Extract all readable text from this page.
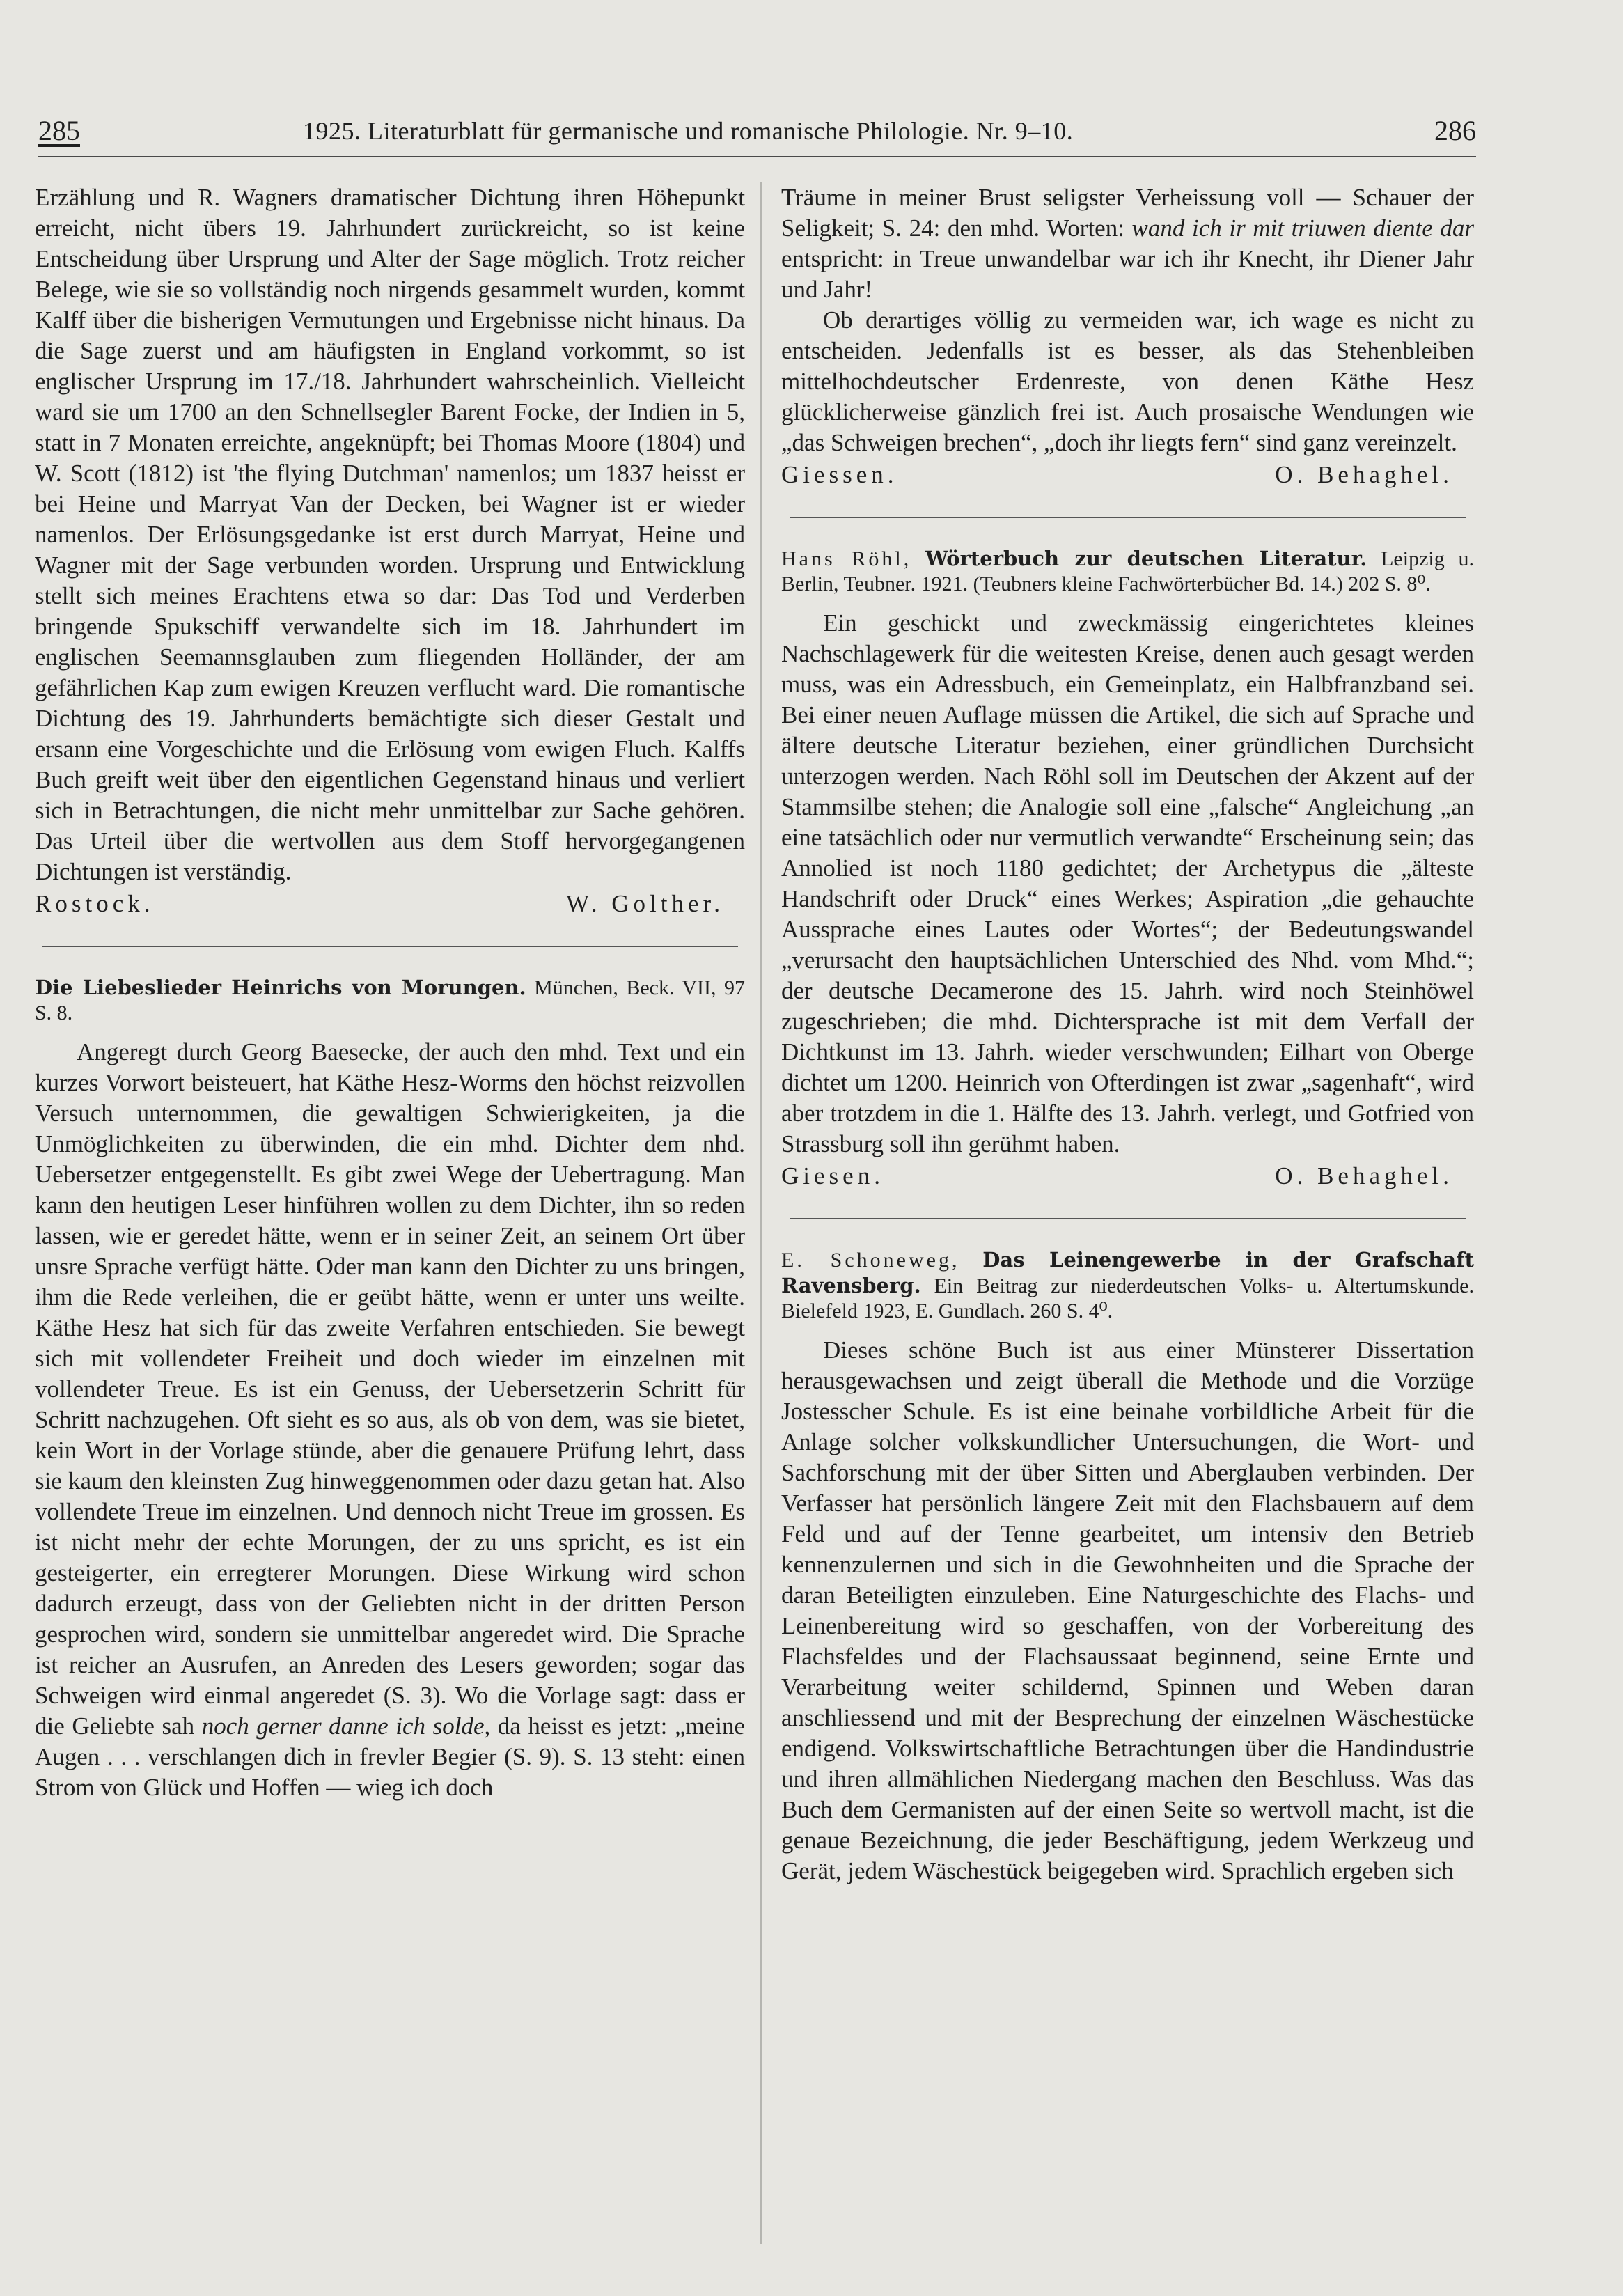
285	1925. Literaturblatt für germanische und romanische Philologie. Nr. 9–10.	286

Erzählung und R. Wagners dramatischer Dichtung ihren Höhepunkt erreicht, nicht übers 19. Jahrhundert zurückreicht, so ist keine Entscheidung über Ursprung und Alter der Sage möglich. Trotz reicher Belege, wie sie so vollständig noch nirgends gesammelt wurden, kommt Kalff über die bisherigen Vermutungen und Ergebnisse nicht hinaus. Da die Sage zuerst und am häufigsten in England vorkommt, so ist englischer Ursprung im 17./18. Jahrhundert wahrscheinlich. Vielleicht ward sie um 1700 an den Schnellsegler Barent Focke, der Indien in 5, statt in 7 Monaten erreichte, angeknüpft; bei Thomas Moore (1804) und W. Scott (1812) ist 'the flying Dutchman' namenlos; um 1837 heisst er bei Heine und Marryat Van der Decken, bei Wagner ist er wieder namenlos. Der Erlösungsgedanke ist erst durch Marryat, Heine und Wagner mit der Sage verbunden worden. Ursprung und Entwicklung stellt sich meines Erachtens etwa so dar: Das Tod und Verderben bringende Spukschiff verwandelte sich im 18. Jahrhundert im englischen Seemannsglauben zum fliegenden Holländer, der am gefährlichen Kap zum ewigen Kreuzen verflucht ward. Die romantische Dichtung des 19. Jahrhunderts bemächtigte sich dieser Gestalt und ersann eine Vorgeschichte und die Erlösung vom ewigen Fluch. Kalffs Buch greift weit über den eigentlichen Gegenstand hinaus und verliert sich in Betrachtungen, die nicht mehr unmittelbar zur Sache gehören. Das Urteil über die wertvollen aus dem Stoff hervorgegangenen Dichtungen ist verständig.

Rostock.	W. Golther.
Die Liebeslieder Heinrichs von Morungen. München, Beck. VII, 97 S. 8.

Angeregt durch Georg Baesecke, der auch den mhd. Text und ein kurzes Vorwort beisteuert, hat Käthe Hesz-Worms den höchst reizvollen Versuch unternommen, die gewaltigen Schwierigkeiten, ja die Unmöglichkeiten zu überwinden, die ein mhd. Dichter dem nhd. Uebersetzer entgegenstellt. Es gibt zwei Wege der Uebertragung. Man kann den heutigen Leser hinführen wollen zu dem Dichter, ihn so reden lassen, wie er geredet hätte, wenn er in seiner Zeit, an seinem Ort über unsre Sprache verfügt hätte. Oder man kann den Dichter zu uns bringen, ihm die Rede verleihen, die er geübt hätte, wenn er unter uns weilte. Käthe Hesz hat sich für das zweite Verfahren entschieden. Sie bewegt sich mit vollendeter Freiheit und doch wieder im einzelnen mit vollendeter Treue. Es ist ein Genuss, der Uebersetzerin Schritt für Schritt nachzugehen. Oft sieht es so aus, als ob von dem, was sie bietet, kein Wort in der Vorlage stünde, aber die genauere Prüfung lehrt, dass sie kaum den kleinsten Zug hinweggenommen oder dazu getan hat. Also vollendete Treue im einzelnen. Und dennoch nicht Treue im grossen. Es ist nicht mehr der echte Morungen, der zu uns spricht, es ist ein gesteigerter, ein erregterer Morungen. Diese Wirkung wird schon dadurch erzeugt, dass von der Geliebten nicht in der dritten Person gesprochen wird, sondern sie unmittelbar angeredet wird. Die Sprache ist reicher an Ausrufen, an Anreden des Lesers geworden; sogar das Schweigen wird einmal angeredet (S. 3). Wo die Vorlage sagt: dass er die Geliebte sah noch gerner danne ich solde, da heisst es jetzt: „meine Augen . . . verschlangen dich in frevler Begier (S. 9). S. 13 steht: einen Strom von Glück und Hoffen — wieg ich doch

Träume in meiner Brust seligster Verheissung voll — Schauer der Seligkeit; S. 24: den mhd. Worten: wand ich ir mit triuwen diente dar entspricht: in Treue unwandelbar war ich ihr Knecht, ihr Diener Jahr und Jahr!

Ob derartiges völlig zu vermeiden war, ich wage es nicht zu entscheiden. Jedenfalls ist es besser, als das Stehenbleiben mittelhochdeutscher Erdenreste, von denen Käthe Hesz glücklicherweise gänzlich frei ist. Auch prosaische Wendungen wie „das Schweigen brechen“, „doch ihr liegts fern“ sind ganz vereinzelt.

Giessen.	O. Behaghel.
Hans Röhl, Wörterbuch zur deutschen Literatur. Leipzig u. Berlin, Teubner. 1921. (Teubners kleine Fachwörterbücher Bd. 14.) 202 S. 8⁰.

Ein geschickt und zweckmässig eingerichtetes kleines Nachschlagewerk für die weitesten Kreise, denen auch gesagt werden muss, was ein Adressbuch, ein Gemeinplatz, ein Halbfranzband sei. Bei einer neuen Auflage müssen die Artikel, die sich auf Sprache und ältere deutsche Literatur beziehen, einer gründlichen Durchsicht unterzogen werden. Nach Röhl soll im Deutschen der Akzent auf der Stammsilbe stehen; die Analogie soll eine „falsche“ Angleichung „an eine tatsächlich oder nur vermutlich verwandte“ Erscheinung sein; das Annolied ist noch 1180 gedichtet; der Archetypus die „älteste Handschrift oder Druck“ eines Werkes; Aspiration „die gehauchte Aussprache eines Lautes oder Wortes“; der Bedeutungswandel „verursacht den hauptsächlichen Unterschied des Nhd. vom Mhd.“; der deutsche Decamerone des 15. Jahrh. wird noch Steinhöwel zugeschrieben; die mhd. Dichtersprache ist mit dem Verfall der Dichtkunst im 13. Jahrh. wieder verschwunden; Eilhart von Oberge dichtet um 1200. Heinrich von Ofterdingen ist zwar „sagenhaft“, wird aber trotzdem in die 1. Hälfte des 13. Jahrh. verlegt, und Gotfried von Strassburg soll ihn gerühmt haben.

Giesen.	O. Behaghel.
E. Schoneweg, Das Leinengewerbe in der Grafschaft Ravensberg. Ein Beitrag zur niederdeutschen Volks- u. Altertumskunde. Bielefeld 1923, E. Gundlach. 260 S. 4⁰.

Dieses schöne Buch ist aus einer Münsterer Dissertation herausgewachsen und zeigt überall die Methode und die Vorzüge Jostesscher Schule. Es ist eine beinahe vorbildliche Arbeit für die Anlage solcher volkskundlicher Untersuchungen, die Wort- und Sachforschung mit der über Sitten und Aberglauben verbinden. Der Verfasser hat persönlich längere Zeit mit den Flachsbauern auf dem Feld und auf der Tenne gearbeitet, um intensiv den Betrieb kennenzulernen und sich in die Gewohnheiten und die Sprache der daran Beteiligten einzuleben. Eine Naturgeschichte des Flachs- und Leinenbereitung wird so geschaffen, von der Vorbereitung des Flachsfeldes und der Flachsaussaat beginnend, seine Ernte und Verarbeitung weiter schildernd, Spinnen und Weben daran anschliessend und mit der Besprechung der einzelnen Wäschestücke endigend. Volkswirtschaftliche Betrachtungen über die Handindustrie und ihren allmählichen Niedergang machen den Beschluss. Was das Buch dem Germanisten auf der einen Seite so wertvoll macht, ist die genaue Bezeichnung, die jeder Beschäftigung, jedem Werkzeug und Gerät, jedem Wäschestück beigegeben wird. Sprachlich ergeben sich
